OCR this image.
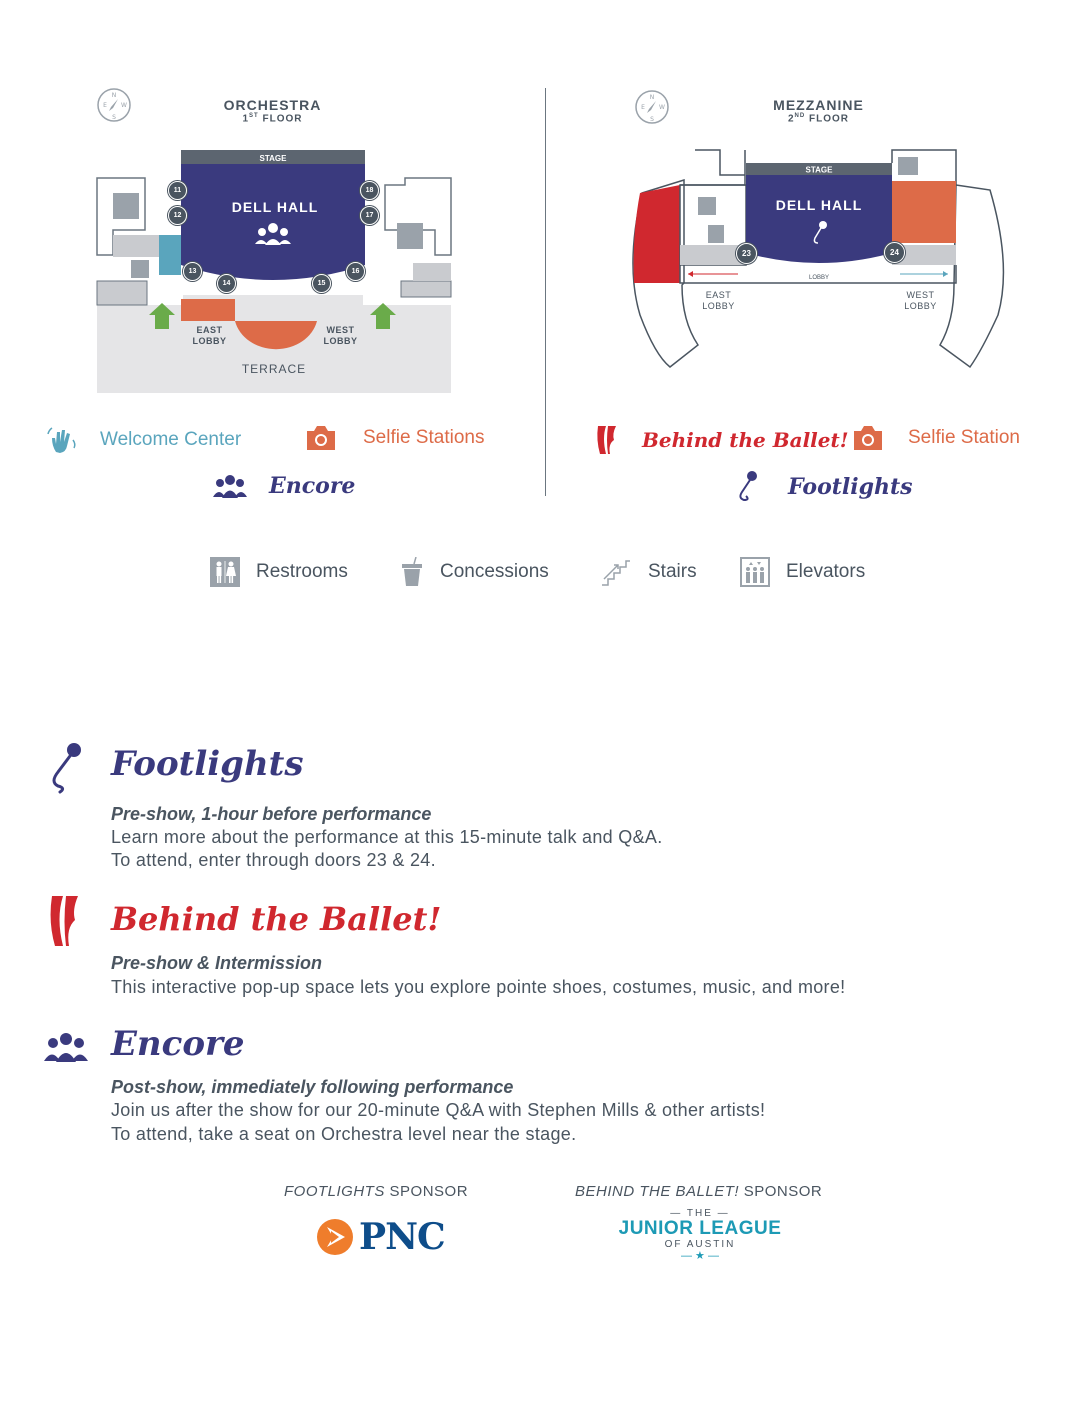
N
E
S
W	ORCHESTRA
1ST FLOOR
STAGE
DELL HALL
EAST
LOBBY
WEST
LOBBY
TERRACE
11
12
13
14	15
16
17
18
N
E
S
W	MEZZANINE
2ND FLOOR
STAGE
DELL HALL
LOBBY
23	24
EAST
LOBBY
WEST
LOBBY
Welcome Center	Selfie Stations
Encore
Behind the Ballet!	Selfie Station
Footlights
Restrooms	Concessions	Stairs	Elevators
Footlights
Pre-show, 1-hour before performance
Learn more about the performance at this 15-minute talk and Q&A.
To attend, enter through doors 23 & 24.
Behind the Ballet!
Pre-show & Intermission
This interactive pop-up space lets you explore pointe shoes, costumes, music, and more!
Encore
Post-show, immediately following performance
Join us after the show for our 20-minute Q&A with Stephen Mills & other artists!
To attend, take a seat on Orchestra level near the stage.
FOOTLIGHTS SPONSOR
PNC
BEHIND THE BALLET! SPONSOR
— THE —
JUNIOR LEAGUE
OF AUSTIN
— ★ —
